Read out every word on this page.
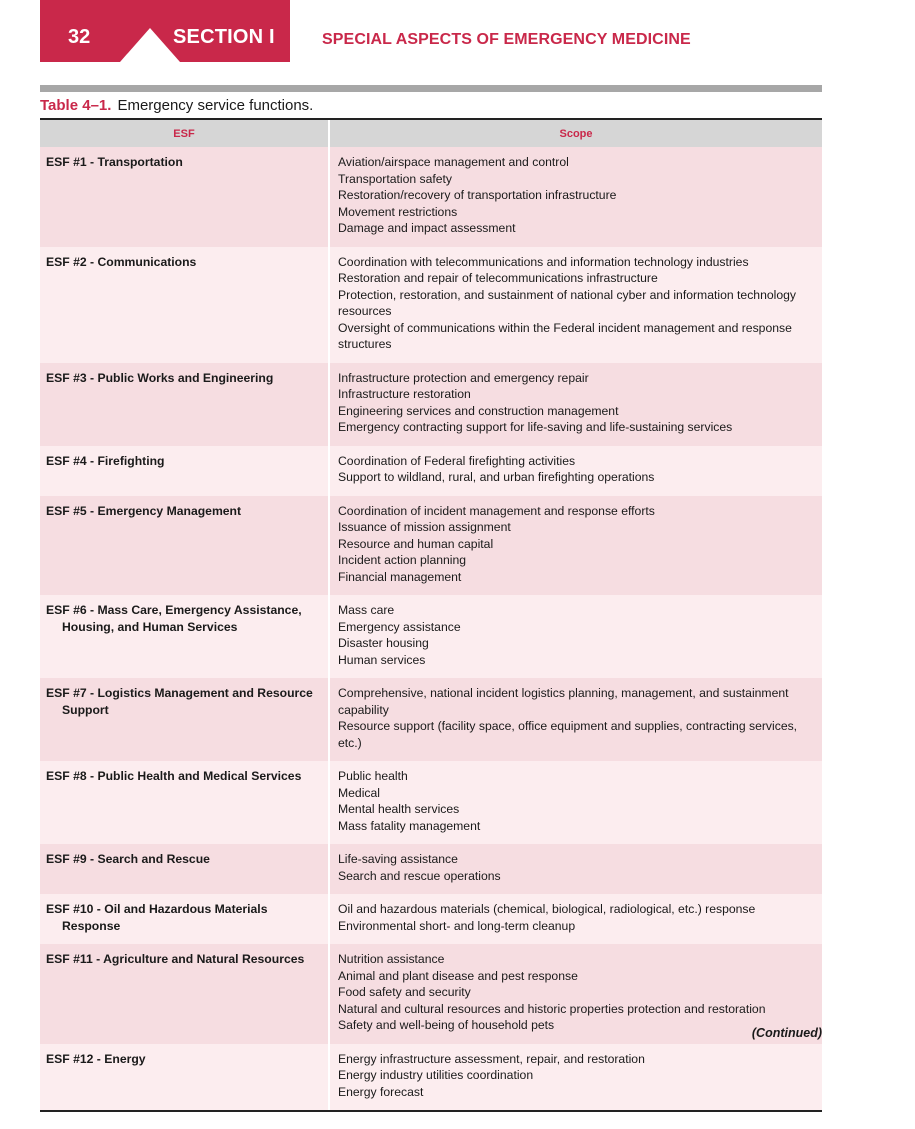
32	SECTION I	SPECIAL ASPECTS OF EMERGENCY MEDICINE
Table 4–1. Emergency service functions.
ESF	Scope

ESF #1 - Transportation	Aviation/airspace management and control
Transportation safety
Restoration/recovery of transportation infrastructure
Movement restrictions
Damage and impact assessment

ESF #2 - Communications	Coordination with telecommunications and information technology industries
Restoration and repair of telecommunications infrastructure
Protection, restoration, and sustainment of national cyber and information technology resources
Oversight of communications within the Federal incident management and response structures

ESF #3 - Public Works and Engineering	Infrastructure protection and emergency repair
Infrastructure restoration
Engineering services and construction management
Emergency contracting support for life-saving and life-sustaining services

ESF #4 - Firefighting	Coordination of Federal firefighting activities
Support to wildland, rural, and urban firefighting operations

ESF #5 - Emergency Management	Coordination of incident management and response efforts
Issuance of mission assignment
Resource and human capital
Incident action planning
Financial management

ESF #6 - Mass Care, Emergency Assistance, Housing, and Human Services	Mass care
Emergency assistance
Disaster housing
Human services

ESF #7 - Logistics Management and Resource Support	Comprehensive, national incident logistics planning, management, and sustainment capability
Resource support (facility space, office equipment and supplies, contracting services, etc.)

ESF #8 - Public Health and Medical Services	Public health
Medical
Mental health services
Mass fatality management

ESF #9 - Search and Rescue	Life-saving assistance
Search and rescue operations

ESF #10 - Oil and Hazardous Materials Response	Oil and hazardous materials (chemical, biological, radiological, etc.) response
Environmental short- and long-term cleanup

ESF #11 - Agriculture and Natural Resources	Nutrition assistance
Animal and plant disease and pest response
Food safety and security
Natural and cultural resources and historic properties protection and restoration
Safety and well-being of household pets

ESF #12 - Energy	Energy infrastructure assessment, repair, and restoration
Energy industry utilities coordination
Energy forecast
(Continued)
